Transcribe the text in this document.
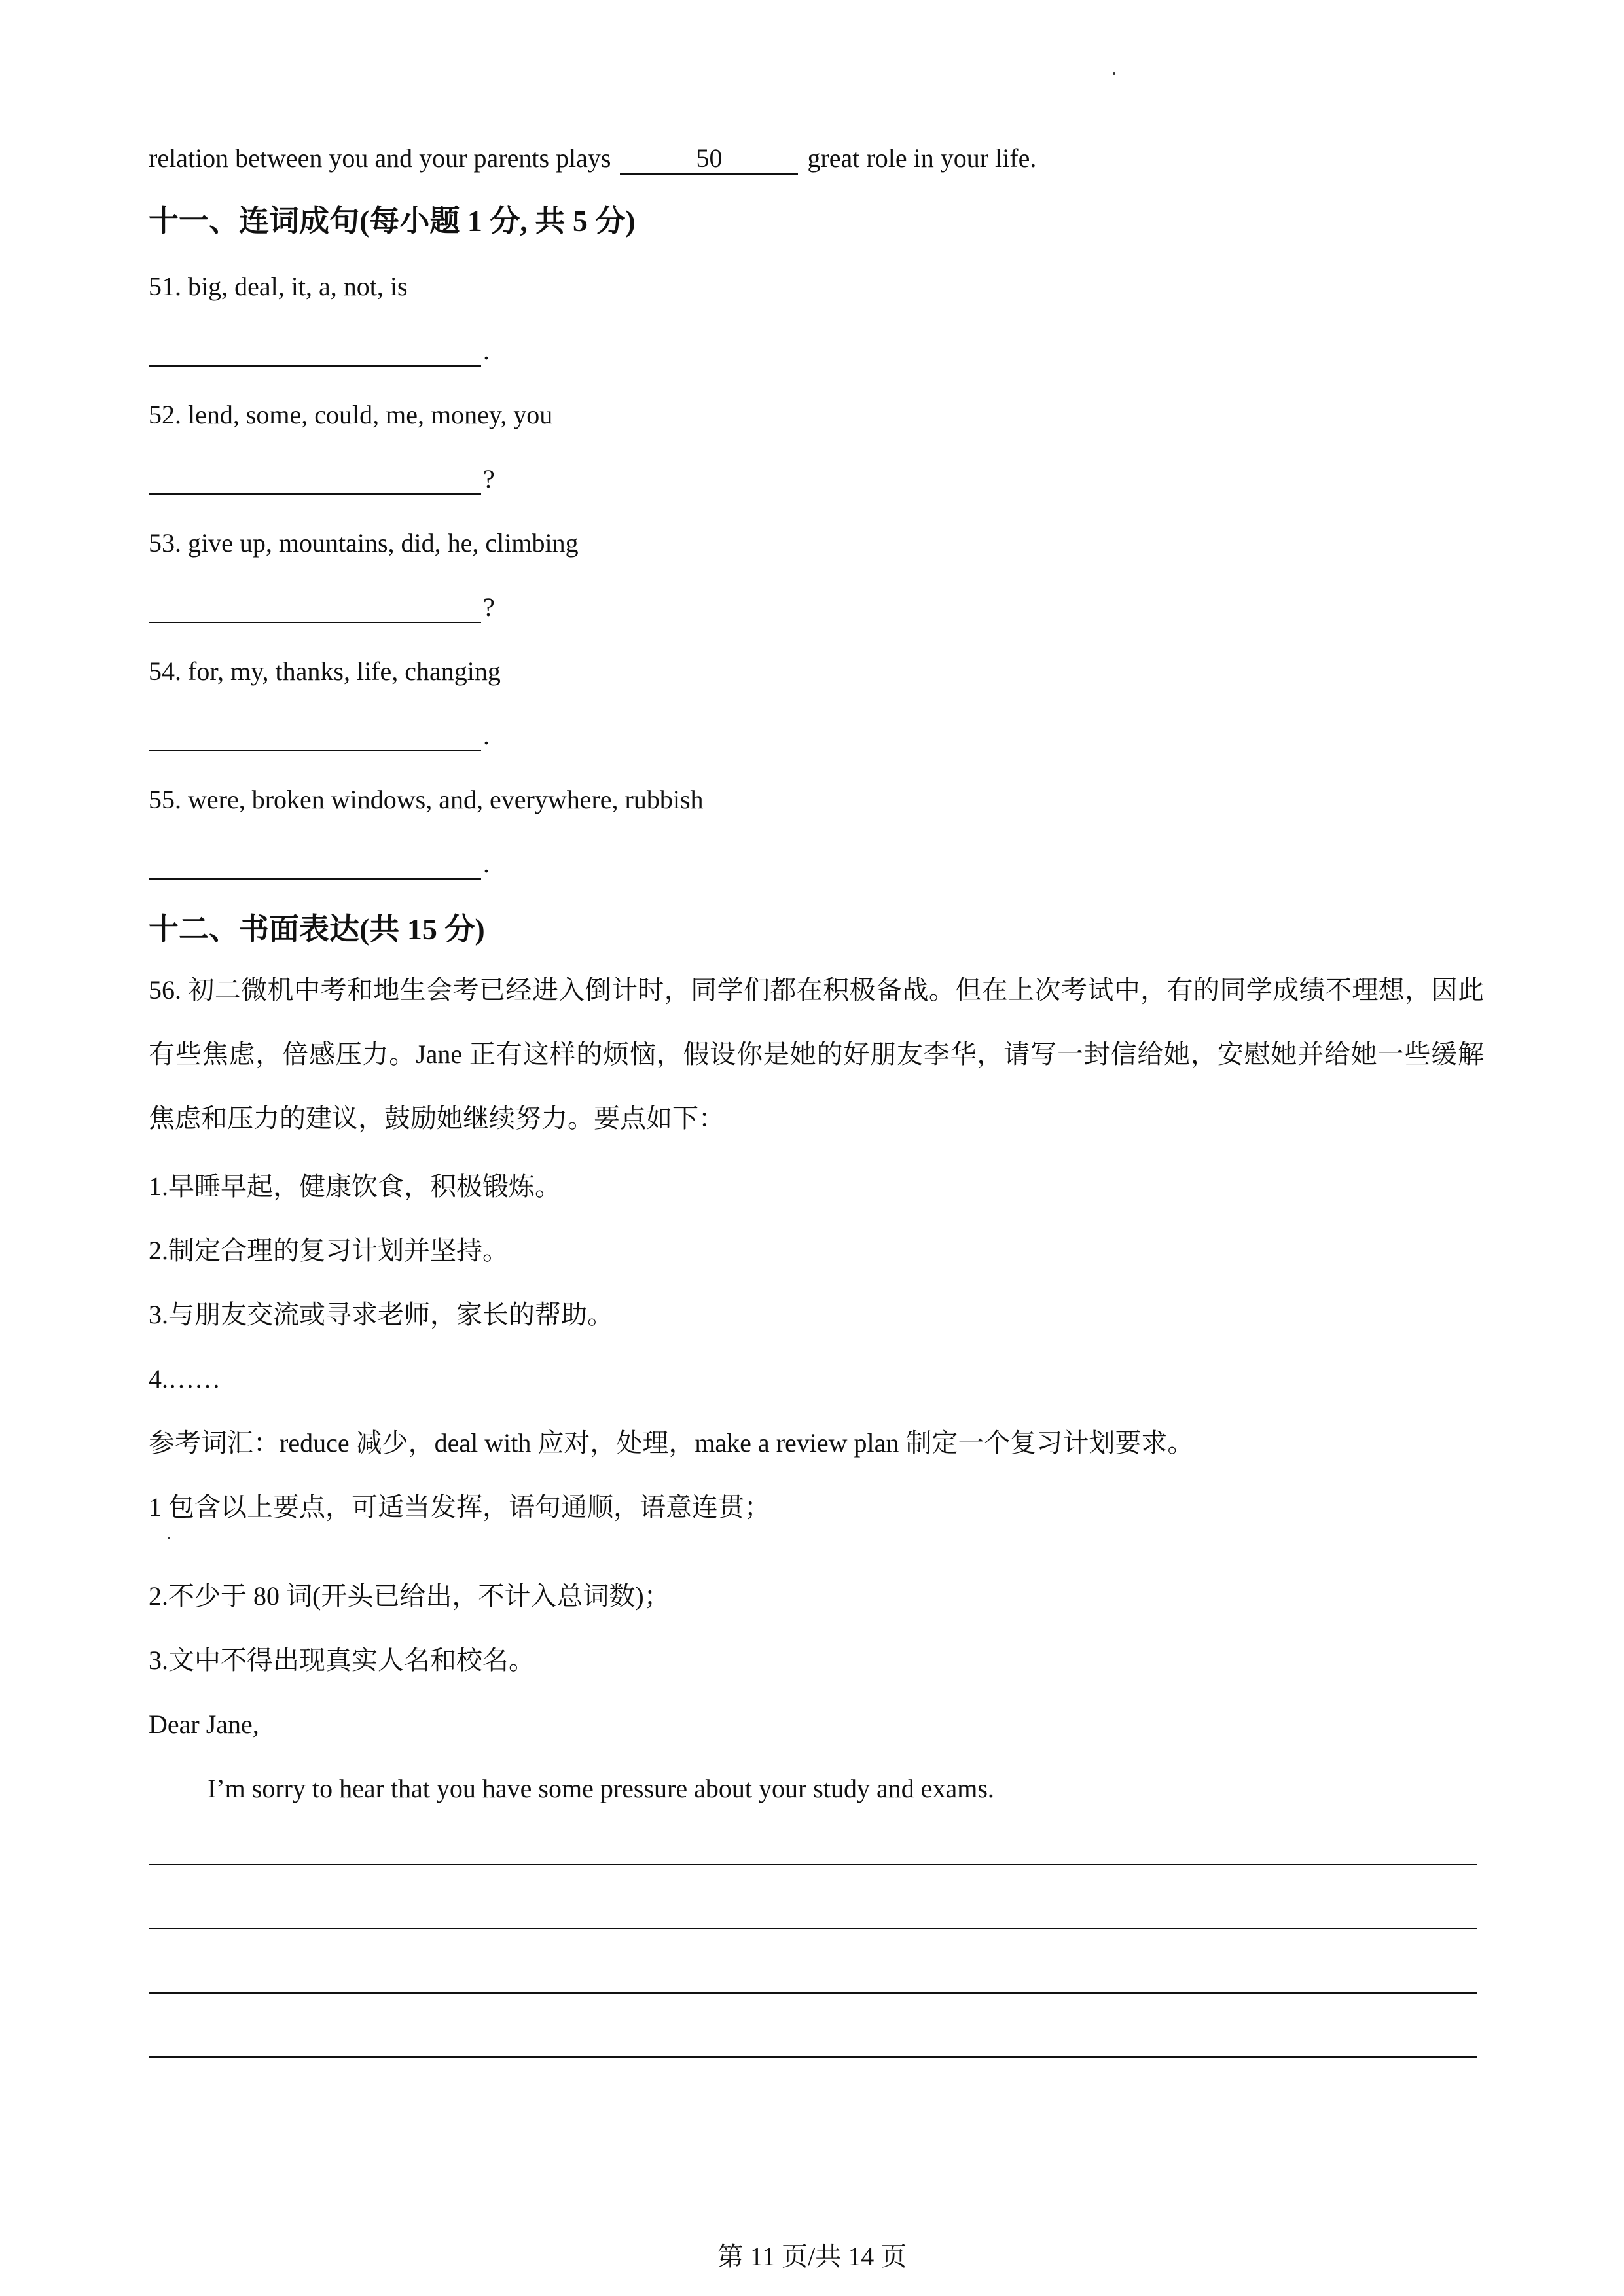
relation between you and your parents plays	50	great role in your life.
十一、连词成句(每小题 1 分, 共 5 分)
51. big, deal, it, a, not, is
.
52. lend, some, could, me, money, you
?
53. give up, mountains, did, he, climbing
?
54. for, my, thanks, life, changing
.
55. were, broken windows, and, everywhere, rubbish
.
十二、书面表达(共 15 分)
56. 初二微机中考和地生会考已经进入倒计时，同学们都在积极备战。但在上次考试中，有的同学成绩不理想，因此有些焦虑，倍感压力。Jane 正有这样的烦恼，假设你是她的好朋友李华，请写一封信给她，安慰她并给她一些缓解焦虑和压力的建议，鼓励她继续努力。要点如下：
1.早睡早起，健康饮食，积极锻炼。
2.制定合理的复习计划并坚持。
3.与朋友交流或寻求老师，家长的帮助。
4.……
参考词汇：reduce 减少，deal with 应对，处理，make a review plan 制定一个复习计划要求。
1 包含以上要点，可适当发挥，语句通顺，语意连贯；
2.不少于 80 词(开头已给出，不计入总词数)；
3.文中不得出现真实人名和校名。
Dear Jane,
I’m sorry to hear that you have some pressure about your study and exams.
第 11 页/共 14 页
